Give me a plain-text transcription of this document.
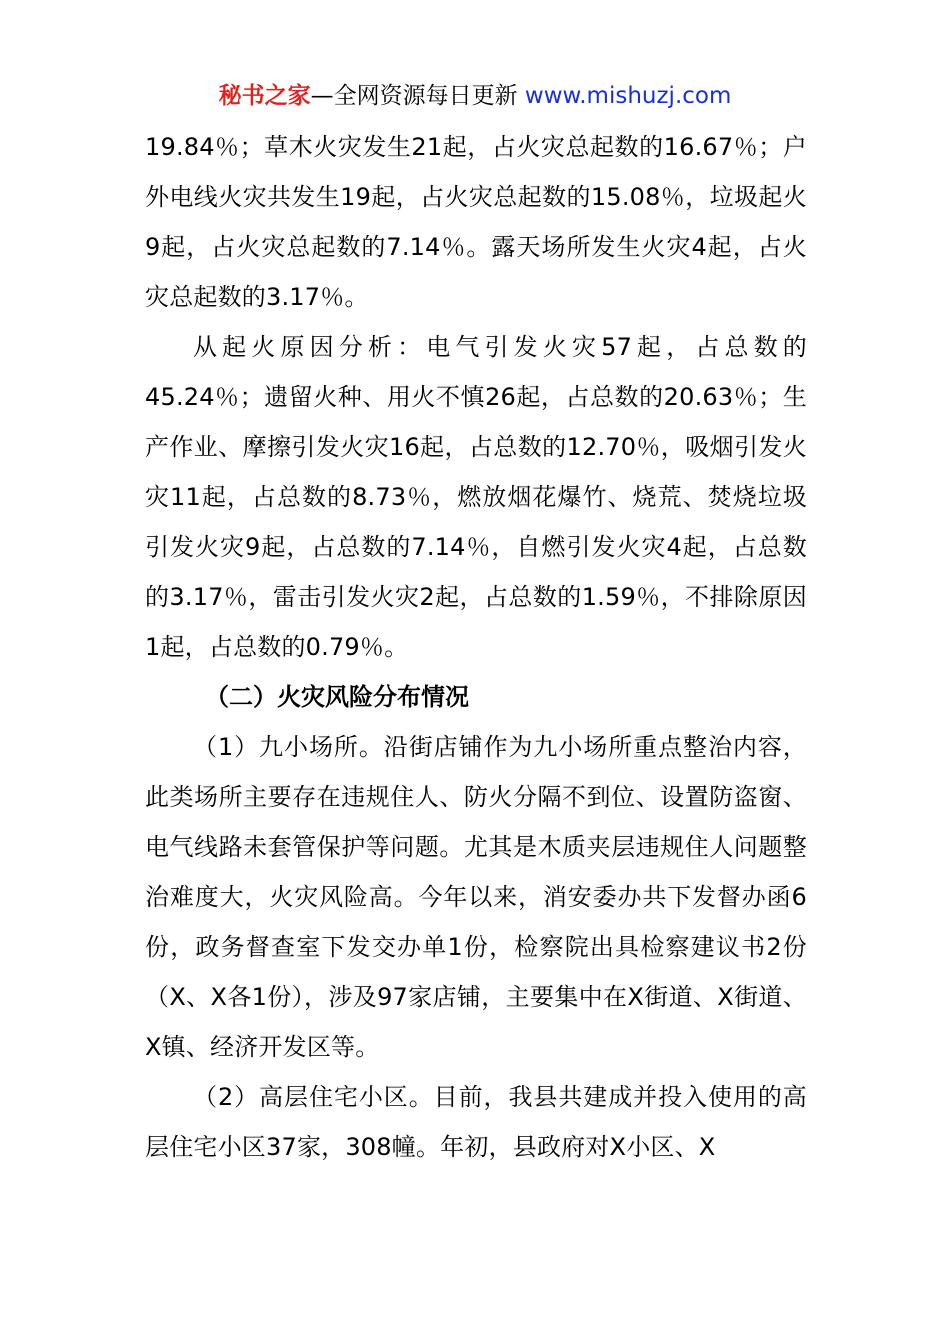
秘书之家—全网资源每日更新 www.mishuzj.com

19.84％；草木火灾发生21起，占火灾总起数的16.67％；户外电线火灾共发生19起，占火灾总起数的15.08％，垃圾起火9起，占火灾总起数的7.14％。露天场所发生火灾4起，占火灾总起数的3.17％。

从起火原因分析：电气引发火灾57起，占总数的45.24％；遗留火种、用火不慎26起，占总数的20.63％；生产作业、摩擦引发火灾16起，占总数的12.70％，吸烟引发火灾11起，占总数的8.73％，燃放烟花爆竹、烧荒、焚烧垃圾引发火灾9起，占总数的7.14％，自燃引发火灾4起，占总数的3.17％，雷击引发火灾2起，占总数的1.59％，不排除原因1起，占总数的0.79％。

（二）火灾风险分布情况

（1）九小场所。沿街店铺作为九小场所重点整治内容，此类场所主要存在违规住人、防火分隔不到位、设置防盗窗、电气线路未套管保护等问题。尤其是木质夹层违规住人问题整治难度大，火灾风险高。今年以来，消安委办共下发督办函6份，政务督查室下发交办单1份，检察院出具检察建议书2份（X、X各1份），涉及97家店铺，主要集中在X街道、X街道、X镇、经济开发区等。

（2）高层住宅小区。目前，我县共建成并投入使用的高层住宅小区37家，308幢。年初，县政府对X小区、X
